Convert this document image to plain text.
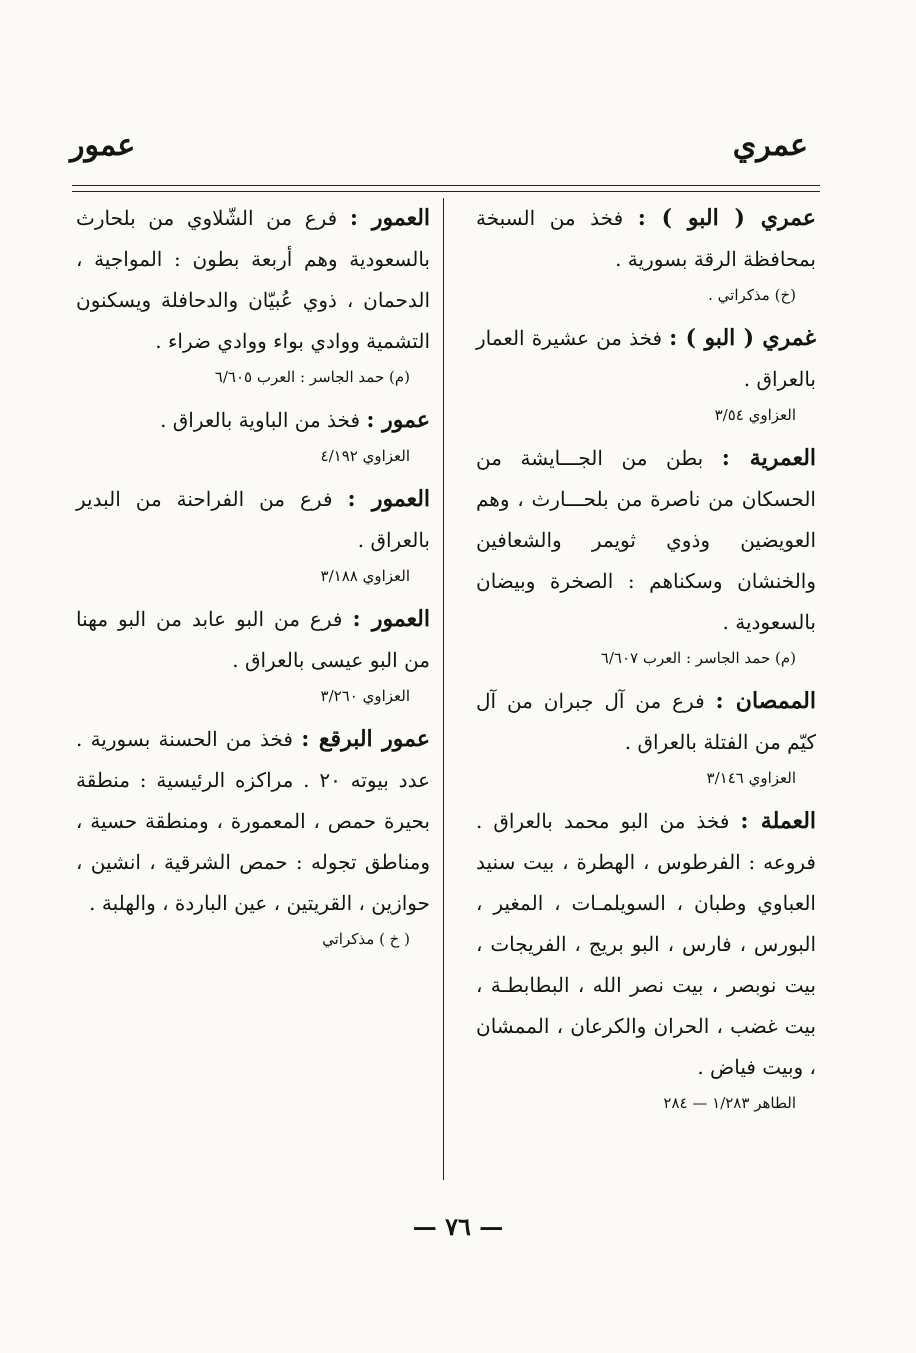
عمري
عمور

عمري ( البو ) : فخذ من السبخة بمحافظة الرقة بسورية .

(خ) مذكراتي .

غمري ( البو ) : فخذ من عشيرة العمار بالعراق .

العزاوي ٣/٥٤

العمرية : بطن من الجـــايشة من الحسكان من ناصرة من بلحـــارث ، وهم العويضين وذوي ثويمر والشعافين والخنشان وسكناهم : الصخرة وبيضان بالسعودية .

(م) حمد الجاسر : العرب ٦/٦٠٧

الممصان : فرع من آل جبران من آل كيّم من الفتلة بالعراق .

العزاوي ٣/١٤٦

العملة : فخذ من البو محمد بالعراق . فروعه : الفرطوس ، الهطرة ، بيت سنيد العباوي وطبان ، السويلمـات ، المغير ، البورس ، فارس ، البو بريج ، الفريجات ، بيت نوبصر ، بيت نصر الله ، البطابطـة ، بيت غضب ، الحران والكرعان ، الممشان ، وبيت فياض .

الطاهر ١/٢٨٣ — ٢٨٤

العمور : فرع من الشّلاوي من بلحارث بالسعودية وهم أربعة بطون : المواجية ، الدحمان ، ذوي عُبيّان والدحافلة ويسكنون التشمية ووادي بواء ووادي ضراء .

(م) حمد الجاسر : العرب ٦/٦٠٥

عمور : فخذ من الباوية بالعراق .

العزاوي ٤/١٩٢

العمور : فرع من الفراحنة من البدير بالعراق .

العزاوي ٣/١٨٨

العمور : فرع من البو عابد من البو مهنا من البو عيسى بالعراق .

العزاوي ٣/٢٦٠

عمور البرقع : فخذ من الحسنة بسورية . عدد بيوته ٢٠ . مراكزه الرئيسية : منطقة بحيرة حمص ، المعمورة ، ومنطقة حسية ، ومناطق تجوله : حمص الشرقية ، انشين ، حوازين ، القريتين ، عين الباردة ، والهلبة .

( خ ) مذكراتي

— ٧٦ —
